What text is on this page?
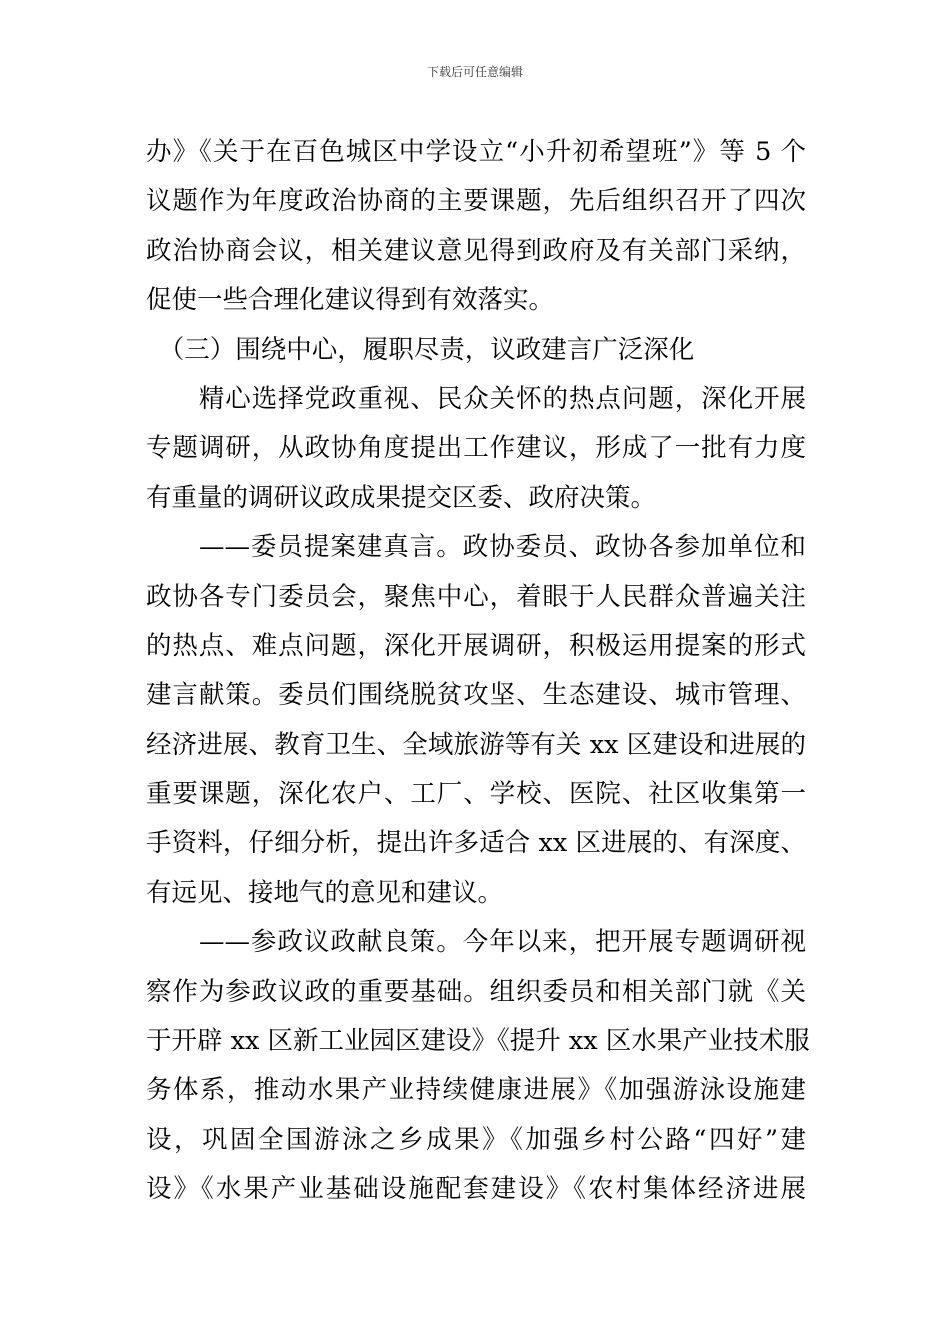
下载后可任意编辑
办》《关于在百色城区中学设立“小升初希望班”》等 5 个
议题作为年度政治协商的主要课题，先后组织召开了四次
政治协商会议，相关建议意见得到政府及有关部门采纳，
促使一些合理化建议得到有效落实。
　（三）围绕中心，履职尽责，议政建言广泛深化
　　精心选择党政重视、民众关怀的热点问题，深化开展
专题调研，从政协角度提出工作建议，形成了一批有力度
有重量的调研议政成果提交区委、政府决策。
　　——委员提案建真言。政协委员、政协各参加单位和
政协各专门委员会，聚焦中心，着眼于人民群众普遍关注
的热点、难点问题，深化开展调研，积极运用提案的形式
建言献策。委员们围绕脱贫攻坚、生态建设、城市管理、
经济进展、教育卫生、全域旅游等有关 xx 区建设和进展的
重要课题，深化农户、工厂、学校、医院、社区收集第一
手资料，仔细分析，提出许多适合 xx 区进展的、有深度、
有远见、接地气的意见和建议。
　　——参政议政献良策。今年以来，把开展专题调研视
察作为参政议政的重要基础。组织委员和相关部门就《关
于开辟 xx 区新工业园区建设》《提升 xx 区水果产业技术服
务体系，推动水果产业持续健康进展》《加强游泳设施建
设，巩固全国游泳之乡成果》《加强乡村公路“四好”建
设》《水果产业基础设施配套建设》《农村集体经济进展
